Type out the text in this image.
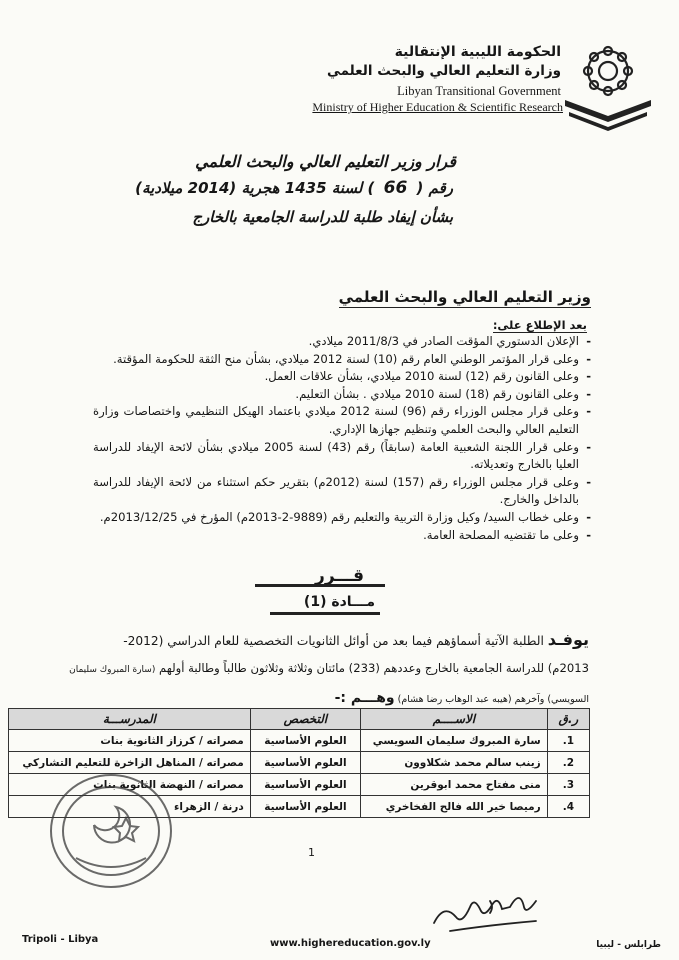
الحكومة الليبية الإنتقالية
وزارة التعليم العالي والبحث العلمي
Libyan Transitional Government
Ministry of Higher Education & Scientific Research
قرار وزير التعليم العالي والبحث العلمي
رقم ( 66 ) لسنة 1435 هجرية (2014 ميلادية)
بشأن إيفاد طلبة للدراسة الجامعية بالخارج
وزير التعليم العالي والبحث العلمي
بعد الإطلاع على:
- الإعلان الدستوري المؤقت الصادر في 2011/8/3 ميلادي.
- وعلى قرار المؤتمر الوطني العام رقم (10) لسنة 2012 ميلادي، بشأن منح الثقة للحكومة المؤقتة.
- وعلى القانون رقم (12) لسنة 2010 ميلادي، بشأن علاقات العمل.
- وعلى القانون رقم (18) لسنة 2010 ميلادي . بشأن التعليم.
- وعلى قرار مجلس الوزراء رقم (96) لسنة 2012 ميلادي باعتماد الهيكل التنظيمي واختصاصات وزارة التعليم العالي والبحث العلمي وتنظيم جهازها الإداري.
- وعلى قرار اللجنة الشعبية العامة (سابقاً) رقم (43) لسنة 2005 ميلادي بشأن لائحة الإيفاد للدراسة العليا بالخارج وتعديلاته.
- وعلى قرار مجلس الوزراء رقم (157) لسنة (2012م) بتقرير حكم استثناء من لائحة الإيفاد للدراسة بالداخل والخارج.
- وعلى خطاب السيد/ وكيل وزارة التربية والتعليم رقم (9889-2-2013م) المؤرخ في 2013/12/25م.
- وعلى ما تقتضيه المصلحة العامة.
قـــرر
مـــادة (1)
يوفـد الطلبة الآتية أسماؤهم فيما بعد من أوائل الثانويات التخصصية للعام الدراسي (2012-
2013م) للدراسة الجامعية بالخارج وعددهم (233) مائتان وثلاثة وثلاثون طالباً وطالبة أولهم (سارة المبروك سليمان
السويسي) وآخرهم (هيبه عبد الوهاب رضا هشام) وهـــم :-
ر.ق	الاســــم	التخصص	المدرســـة
1.	سارة المبروك سليمان السويسي	العلوم الأساسية	مصراته / كرزاز الثانوية بنات
2.	زينب سالم محمد شكلاوون	العلوم الأساسية	مصراته / المناهل الزاخرة للتعليم التشاركي
3.	منى مفتاح محمد ابوقرين	العلوم الأساسية	مصراته / النهضة الثانوية بنات
4.	رميصا خير الله فالح الفخاخري	العلوم الأساسية	درنة / الزهراء
1
Tripoli - Libya	www.highereducation.gov.ly	طرابلس - ليبيا
